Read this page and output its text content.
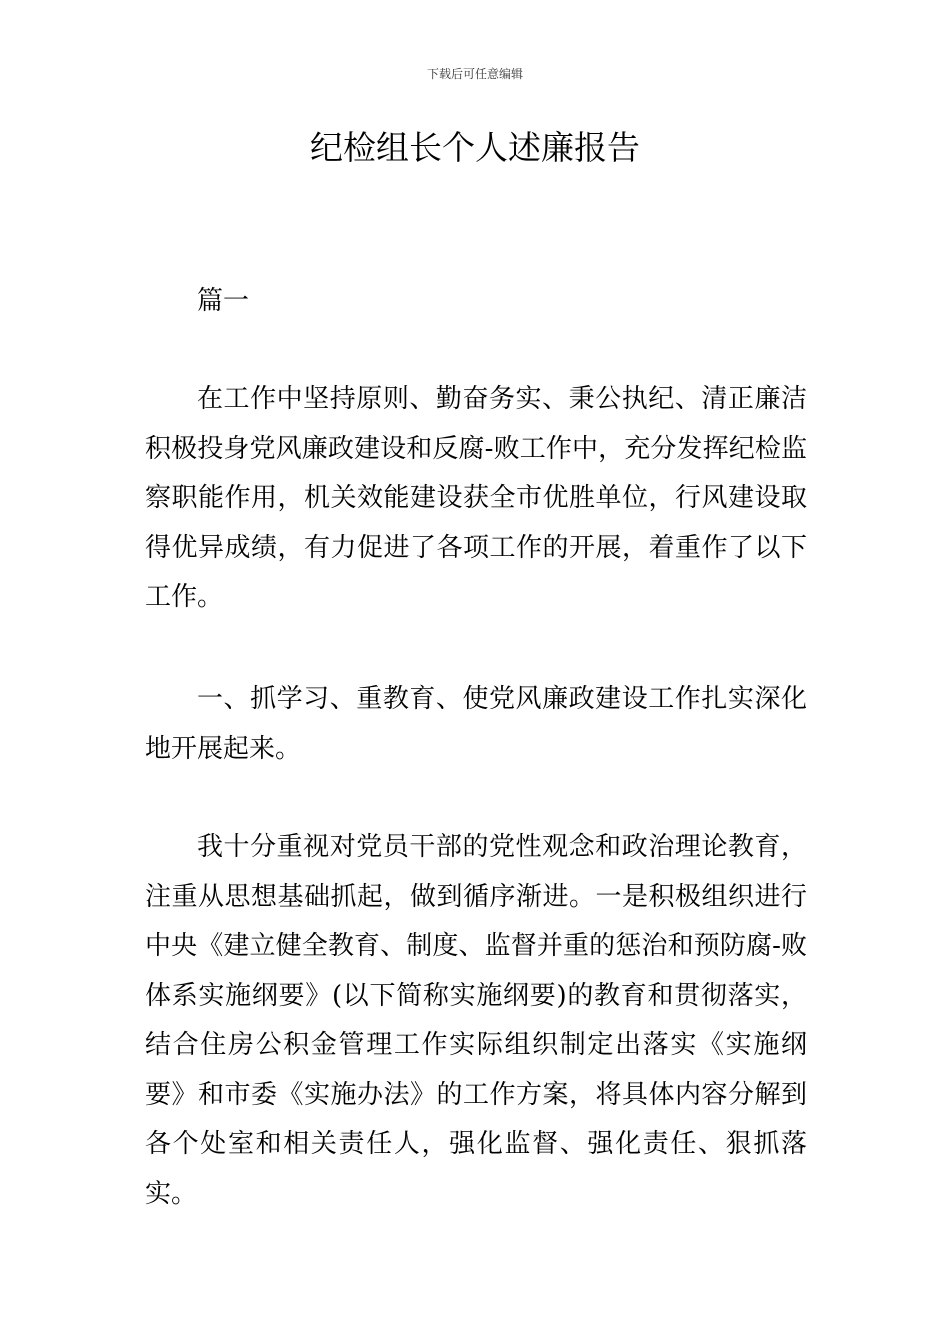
下载后可任意编辑
纪检组长个人述廉报告

篇一

在工作中坚持原则、勤奋务实、秉公执纪、清正廉洁积极投身党风廉政建设和反腐-败工作中，充分发挥纪检监察职能作用，机关效能建设获全市优胜单位，行风建设取得优异成绩，有力促进了各项工作的开展，着重作了以下工作。

一、抓学习、重教育、使党风廉政建设工作扎实深化地开展起来。

我十分重视对党员干部的党性观念和政治理论教育，注重从思想基础抓起，做到循序渐进。一是积极组织进行中央《建立健全教育、制度、监督并重的惩治和预防腐-败体系实施纲要》(以下简称实施纲要)的教育和贯彻落实，结合住房公积金管理工作实际组织制定出落实《实施纲要》和市委《实施办法》的工作方案，将具体内容分解到各个处室和相关责任人，强化监督、强化责任、狠抓落实。
